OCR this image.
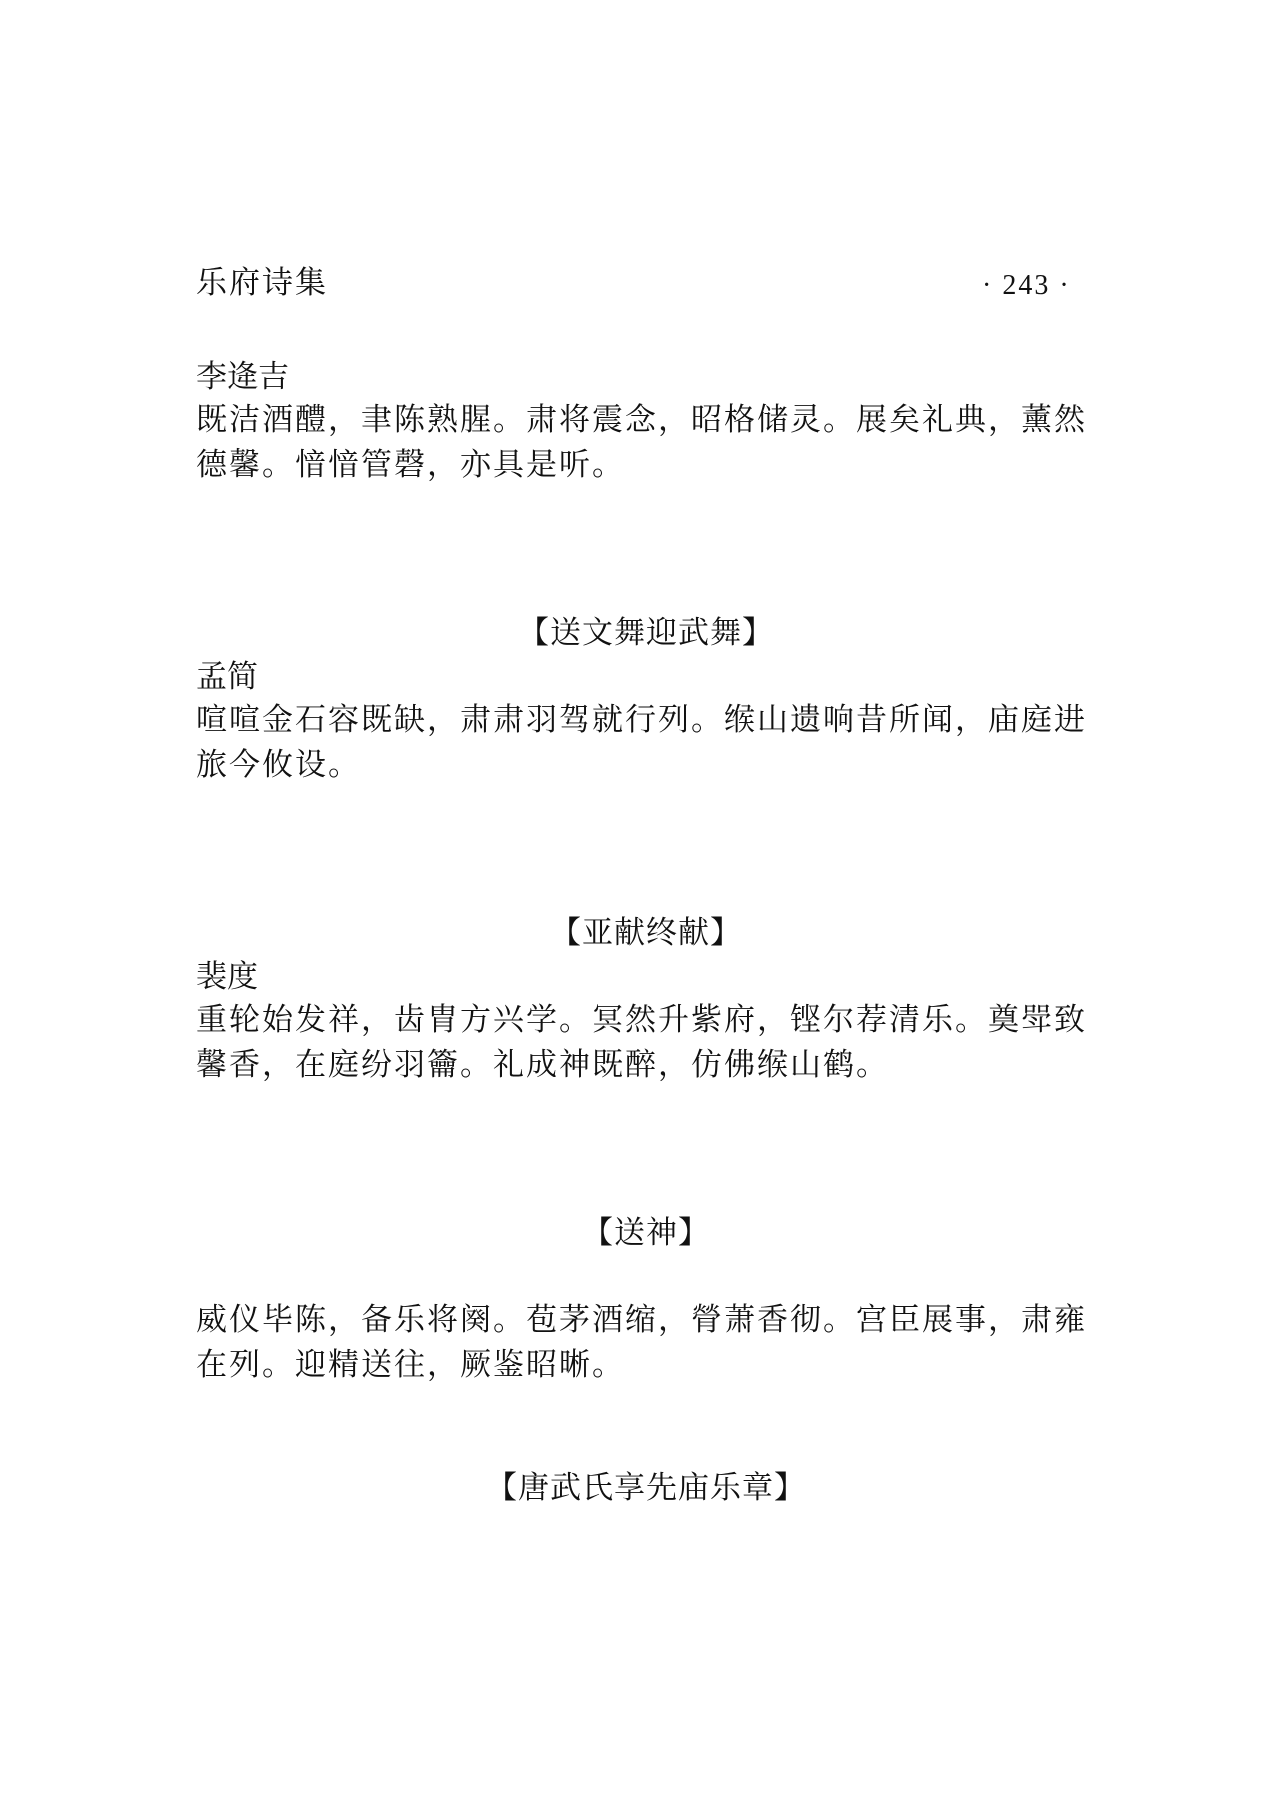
乐府诗集	· 243 ·
李逄吉

既洁酒醴，聿陈熟腥。肃将震念，昭格储灵。展矣礼典，薰然德馨。愔愔管磬，亦具是听。

【送文舞迎武舞】
孟简

喧喧金石容既缺，肃肃羽驾就行列。缑山遗响昔所闻，庙庭进旅今攸设。

【亚献终献】
裴度

重轮始发祥，齿胄方兴学。冥然升紫府，铿尔荐清乐。奠斝致馨香，在庭纷羽籥。礼成神既醉，仿佛缑山鹤。

【送神】

威仪毕陈，备乐将阕。苞茅酒缩，膋萧香彻。宫臣展事，肃雍在列。迎精送往，厥鉴昭晰。

【唐武氏享先庙乐章】
